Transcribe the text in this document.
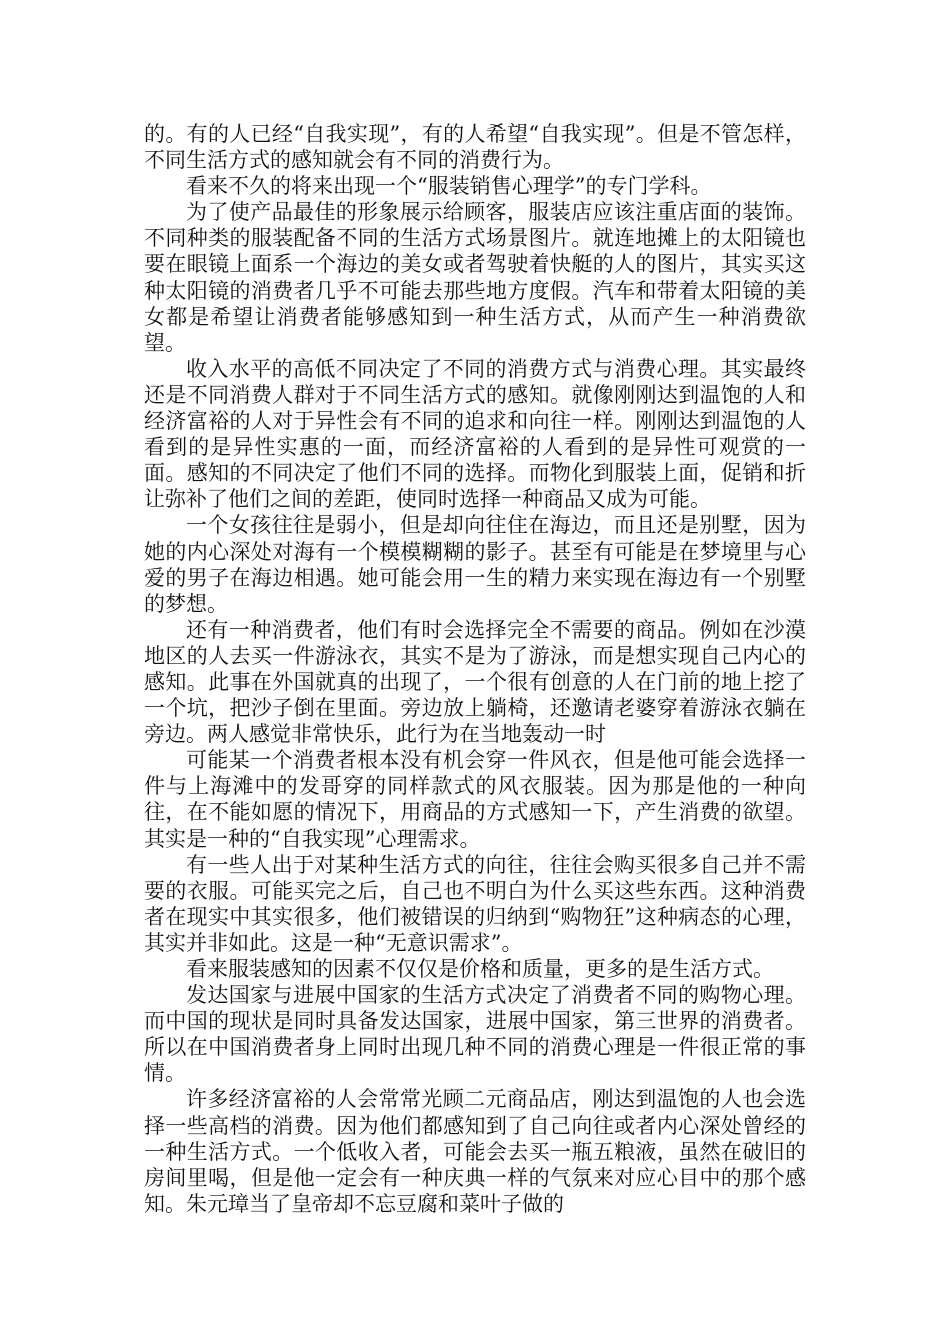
的。有的人已经“自我实现”，有的人希望“自我实现”。但是不管怎样，不同生活方式的感知就会有不同的消费行为。

看来不久的将来出现一个“服装销售心理学”的专门学科。

为了使产品最佳的形象展示给顾客，服装店应该注重店面的装饰。不同种类的服装配备不同的生活方式场景图片。就连地摊上的太阳镜也要在眼镜上面系一个海边的美女或者驾驶着快艇的人的图片，其实买这种太阳镜的消费者几乎不可能去那些地方度假。汽车和带着太阳镜的美女都是希望让消费者能够感知到一种生活方式，从而产生一种消费欲望。

收入水平的高低不同决定了不同的消费方式与消费心理。其实最终还是不同消费人群对于不同生活方式的感知。就像刚刚达到温饱的人和经济富裕的人对于异性会有不同的追求和向往一样。刚刚达到温饱的人看到的是异性实惠的一面，而经济富裕的人看到的是异性可观赏的一面。感知的不同决定了他们不同的选择。而物化到服装上面，促销和折让弥补了他们之间的差距，使同时选择一种商品又成为可能。

一个女孩往往是弱小，但是却向往住在海边，而且还是别墅，因为她的内心深处对海有一个模模糊糊的影子。甚至有可能是在梦境里与心爱的男子在海边相遇。她可能会用一生的精力来实现在海边有一个别墅的梦想。

还有一种消费者，他们有时会选择完全不需要的商品。例如在沙漠地区的人去买一件游泳衣，其实不是为了游泳，而是想实现自己内心的感知。此事在外国就真的出现了，一个很有创意的人在门前的地上挖了一个坑，把沙子倒在里面。旁边放上躺椅，还邀请老婆穿着游泳衣躺在旁边。两人感觉非常快乐，此行为在当地轰动一时

可能某一个消费者根本没有机会穿一件风衣，但是他可能会选择一件与上海滩中的发哥穿的同样款式的风衣服装。因为那是他的一种向往，在不能如愿的情况下，用商品的方式感知一下，产生消费的欲望。其实是一种的“自我实现”心理需求。

有一些人出于对某种生活方式的向往，往往会购买很多自己并不需要的衣服。可能买完之后，自己也不明白为什么买这些东西。这种消费者在现实中其实很多，他们被错误的归纳到“购物狂”这种病态的心理，其实并非如此。这是一种“无意识需求”。

看来服装感知的因素不仅仅是价格和质量，更多的是生活方式。

发达国家与进展中国家的生活方式决定了消费者不同的购物心理。而中国的现状是同时具备发达国家，进展中国家，第三世界的消费者。所以在中国消费者身上同时出现几种不同的消费心理是一件很正常的事情。

许多经济富裕的人会常常光顾二元商品店，刚达到温饱的人也会选择一些高档的消费。因为他们都感知到了自己向往或者内心深处曾经的一种生活方式。一个低收入者，可能会去买一瓶五粮液，虽然在破旧的房间里喝，但是他一定会有一种庆典一样的气氛来对应心目中的那个感知。朱元璋当了皇帝却不忘豆腐和菜叶子做的
